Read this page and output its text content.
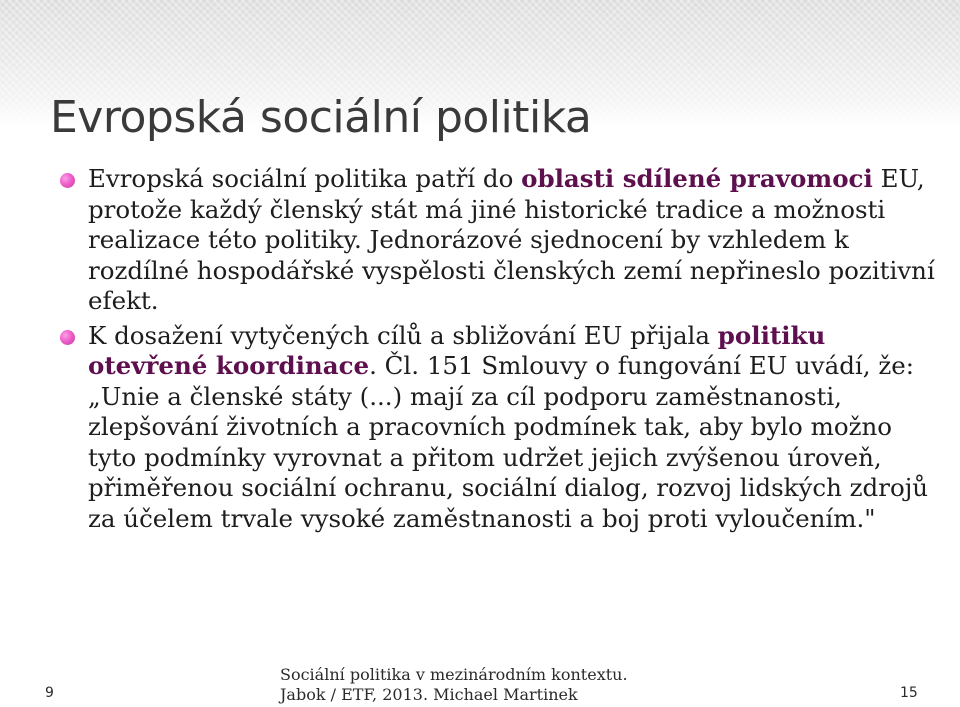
Evropská sociální politika
Evropská sociální politika patří do oblasti sdílené pravomoci EU, protože každý členský stát má jiné historické tradice a možnosti realizace této politiky. Jednorázové sjednocení by vzhledem k rozdílné hospodářské vyspělosti členských zemí nepřineslo pozitivní efekt.
K dosažení vytyčených cílů a sbližování EU přijala politiku otevřené koordinace. Čl. 151 Smlouvy o fungování EU uvádí, že: „Unie a členské státy (...) mají za cíl podporu zaměstnanosti, zlepšování životních a pracovních podmínek tak, aby bylo možno tyto podmínky vyrovnat a přitom udržet jejich zvýšenou úroveň, přiměřenou sociální ochranu, sociální dialog, rozvoj lidských zdrojů za účelem trvale vysoké zaměstnanosti a boj proti vyloučením."
9
Sociální politika v mezinárodním kontextu.
Jabok / ETF, 2013. Michael Martinek	15
